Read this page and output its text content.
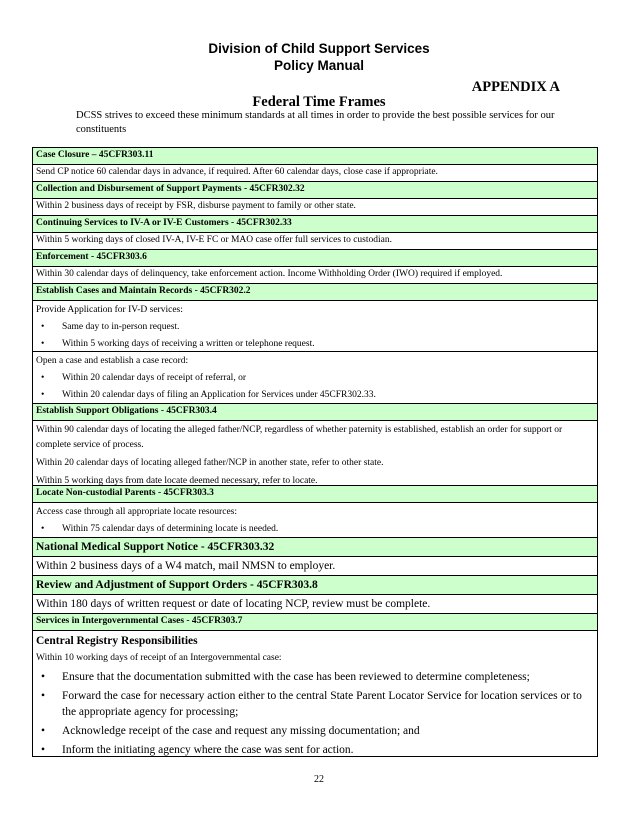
Division of Child Support Services
Policy Manual
APPENDIX A
Federal Time Frames
DCSS strives to exceed these minimum standards at all times in order to provide the best possible services for our constituents
Case Closure – 45CFR303.11
Send CP notice 60 calendar days in advance, if required. After 60 calendar days, close case if appropriate.
Collection and Disbursement of Support Payments - 45CFR302.32
Within 2 business days of receipt by FSR, disburse payment to family or other state.
Continuing Services to IV-A or IV-E Customers - 45CFR302.33
Within 5 working days of closed IV-A, IV-E FC or MAO case offer full services to custodian.
Enforcement - 45CFR303.6
Within 30 calendar days of delinquency, take enforcement action. Income Withholding Order (IWO) required if employed.
Establish Cases and Maintain Records - 45CFR302.2
Provide Application for IV-D services:
• Same day to in-person request.
• Within 5 working days of receiving a written or telephone request.
Open a case and establish a case record:
• Within 20 calendar days of receipt of referral, or
• Within 20 calendar days of filing an Application for Services under 45CFR302.33.
Establish Support Obligations - 45CFR303.4
Within 90 calendar days of locating the alleged father/NCP, regardless of whether paternity is established, establish an order for support or complete service of process.
Within 20 calendar days of locating alleged father/NCP in another state, refer to other state.
Within 5 working days from date locate deemed necessary, refer to locate.
Locate Non-custodial Parents - 45CFR303.3
Access case through all appropriate locate resources:
• Within 75 calendar days of determining locate is needed.
National Medical Support Notice - 45CFR303.32
Within 2 business days of a W4 match, mail NMSN to employer.
Review and Adjustment of Support Orders - 45CFR303.8
Within 180 days of written request or date of locating NCP, review must be complete.
Services in Intergovernmental Cases - 45CFR303.7
Central Registry Responsibilities
Within 10 working days of receipt of an Intergovernmental case:
• Ensure that the documentation submitted with the case has been reviewed to determine completeness;
• Forward the case for necessary action either to the central State Parent Locator Service for location services or to the appropriate agency for processing;
• Acknowledge receipt of the case and request any missing documentation; and
• Inform the initiating agency where the case was sent for action.
22
